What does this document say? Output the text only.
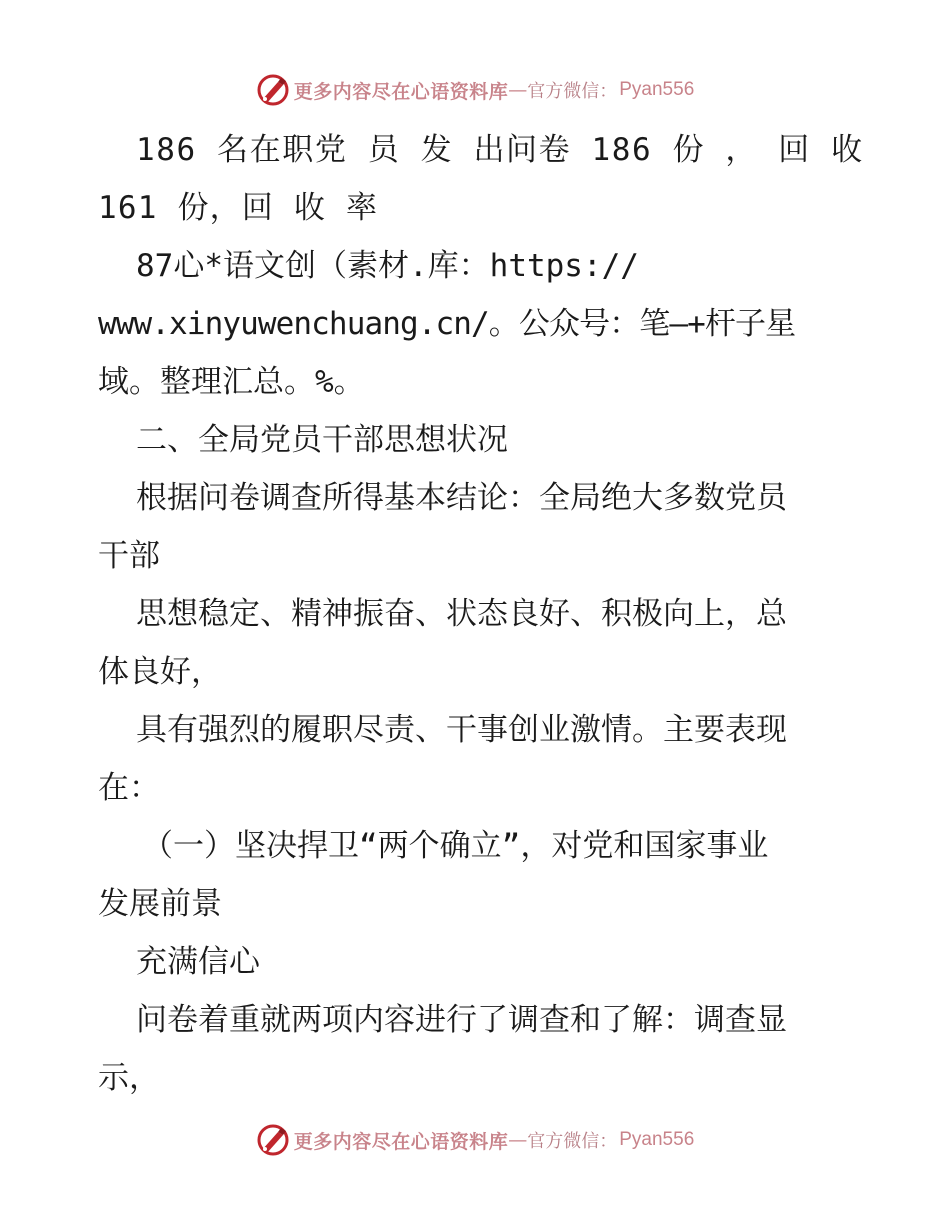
更多内容尽在心语资料库 — 官方微信： Pyan556
186 名在职党 员 发 出问卷 186 份 ， 回 收
161 份，回 收 率
87心*语文创（素材.库：https://
www.xinyuwenchuang.cn/。公众号：笔—+杆子星
域。整理汇总。%。
二、全局党员干部思想状况
根据问卷调查所得基本结论：全局绝大多数党员
干部
思想稳定、精神振奋、状态良好、积极向上，总
体良好，
具有强烈的履职尽责、干事创业激情。主要表现
在：
（一）坚决捍卫“两个确立”，对党和国家事业
发展前景
充满信心
问卷着重就两项内容进行了调查和了解：调查显
示，
更多内容尽在心语资料库 — 官方微信： Pyan556
